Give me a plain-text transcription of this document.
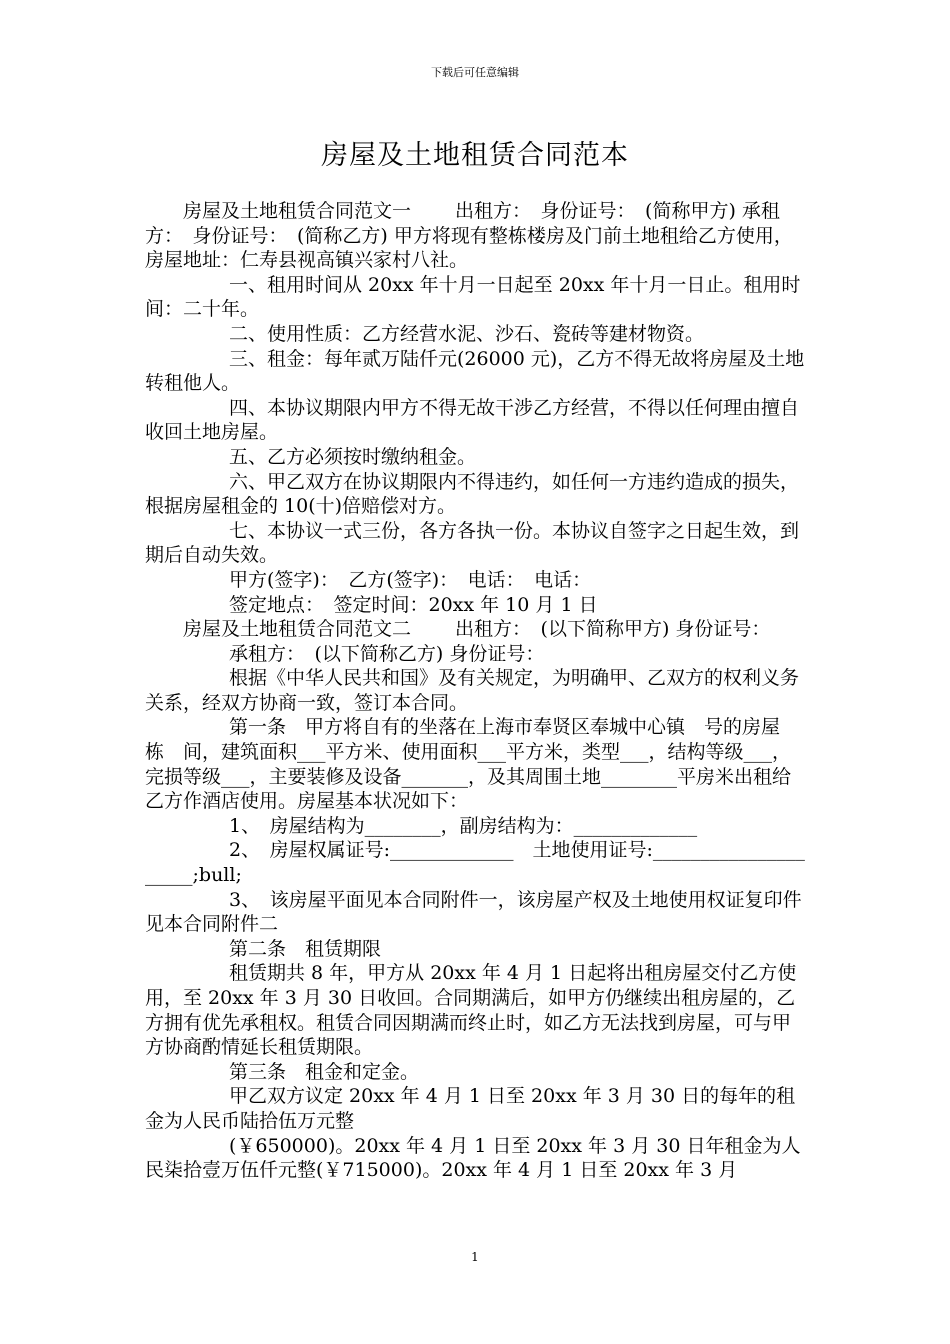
下载后可任意编辑
房屋及土地租赁合同范本

房屋及土地租赁合同范文一　　 出租方：　身份证号：　(简称甲方) 承租方：　身份证号：　(简称乙方) 甲方将现有整栋楼房及门前土地租给乙方使用，房屋地址：仁寿县视高镇兴家村八社。

一、租用时间从 20xx 年十月一日起至 20xx 年十月一日止。租用时间：二十年。

二、使用性质：乙方经营水泥、沙石、瓷砖等建材物资。

三、租金：每年贰万陆仟元(26000 元)，乙方不得无故将房屋及土地转租他人。

四、本协议期限内甲方不得无故干涉乙方经营，不得以任何理由擅自收回土地房屋。

五、乙方必须按时缴纳租金。

六、甲乙双方在协议期限内不得违约，如任何一方违约造成的损失，根据房屋租金的 10(十)倍赔偿对方。

七、本协议一式三份，各方各执一份。本协议自签字之日起生效，到期后自动失效。

甲方(签字)：　乙方(签字)：　电话：　电话：

签定地点：　签定时间：20xx 年 10 月 1 日

房屋及土地租赁合同范文二　　 出租方：　(以下简称甲方) 身份证号：

承租方：　(以下简称乙方) 身份证号：

根据《中华人民共和国》及有关规定，为明确甲、乙双方的权利义务关系，经双方协商一致，签订本合同。

第一条　甲方将自有的坐落在上海市奉贤区奉城中心镇　号的房屋　栋　间，建筑面积___平方米、使用面积___平方米，类型___，结构等级___，完损等级___，主要装修及设备_______，及其周围土地________平房米出租给乙方作酒店使用。房屋基本状况如下：

1、　房屋结构为________，副房结构为：_____________

2、　房屋权属证号:_____________　土地使用证号:_____________________;bull;

3、　该房屋平面见本合同附件一，该房屋产权及土地使用权证复印件见本合同附件二

第二条　租赁期限

租赁期共 8 年，甲方从 20xx 年 4 月 1 日起将出租房屋交付乙方使用，至 20xx 年 3 月 30 日收回。合同期满后，如甲方仍继续出租房屋的，乙方拥有优先承租权。租赁合同因期满而终止时，如乙方无法找到房屋，可与甲方协商酌情延长租赁期限。

第三条　租金和定金。

甲乙双方议定 20xx 年 4 月 1 日至 20xx 年 3 月 30 日的每年的租金为人民币陆拾伍万元整

(￥650000)。20xx 年 4 月 1 日至 20xx 年 3 月 30 日年租金为人民柒拾壹万伍仟元整(￥715000)。20xx 年 4 月 1 日至 20xx 年 3 月

1
